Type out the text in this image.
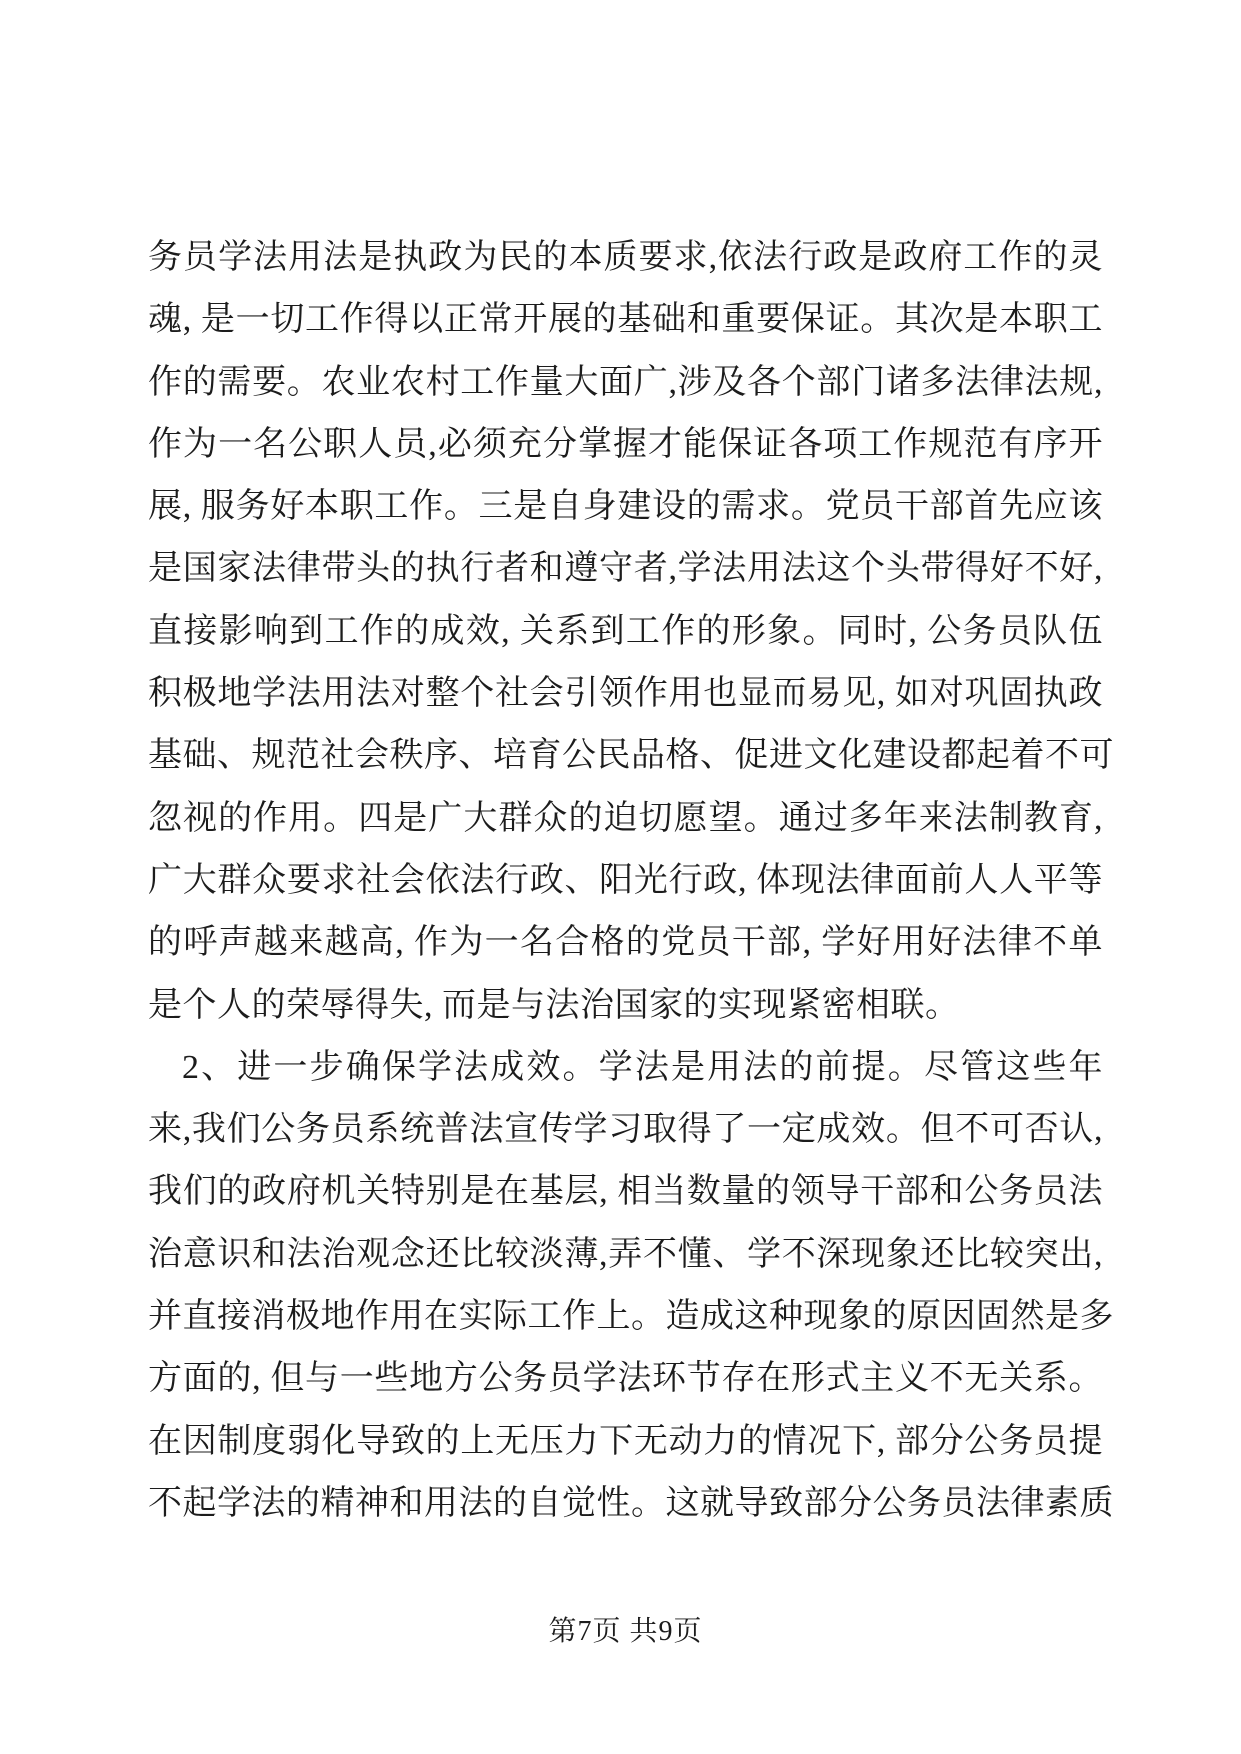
务员学法用法是执政为民的本质要求,依法行政是政府工作的灵
魂, 是一切工作得以正常开展的基础和重要保证。其次是本职工
作的需要。农业农村工作量大面广,涉及各个部门诸多法律法规,
作为一名公职人员,必须充分掌握才能保证各项工作规范有序开
展, 服务好本职工作。三是自身建设的需求。党员干部首先应该
是国家法律带头的执行者和遵守者,学法用法这个头带得好不好,
直接影响到工作的成效, 关系到工作的形象。同时, 公务员队伍
积极地学法用法对整个社会引领作用也显而易见, 如对巩固执政
基础、规范社会秩序、培育公民品格、促进文化建设都起着不可
忽视的作用。四是广大群众的迫切愿望。通过多年来法制教育,
广大群众要求社会依法行政、阳光行政, 体现法律面前人人平等
的呼声越来越高, 作为一名合格的党员干部, 学好用好法律不单
是个人的荣辱得失, 而是与法治国家的实现紧密相联。
2、进一步确保学法成效。学法是用法的前提。尽管这些年
来,我们公务员系统普法宣传学习取得了一定成效。但不可否认,
我们的政府机关特别是在基层, 相当数量的领导干部和公务员法
治意识和法治观念还比较淡薄,弄不懂、学不深现象还比较突出,
并直接消极地作用在实际工作上。造成这种现象的原因固然是多
方面的, 但与一些地方公务员学法环节存在形式主义不无关系。
在因制度弱化导致的上无压力下无动力的情况下, 部分公务员提
不起学法的精神和用法的自觉性。这就导致部分公务员法律素质
第7页 共9页
